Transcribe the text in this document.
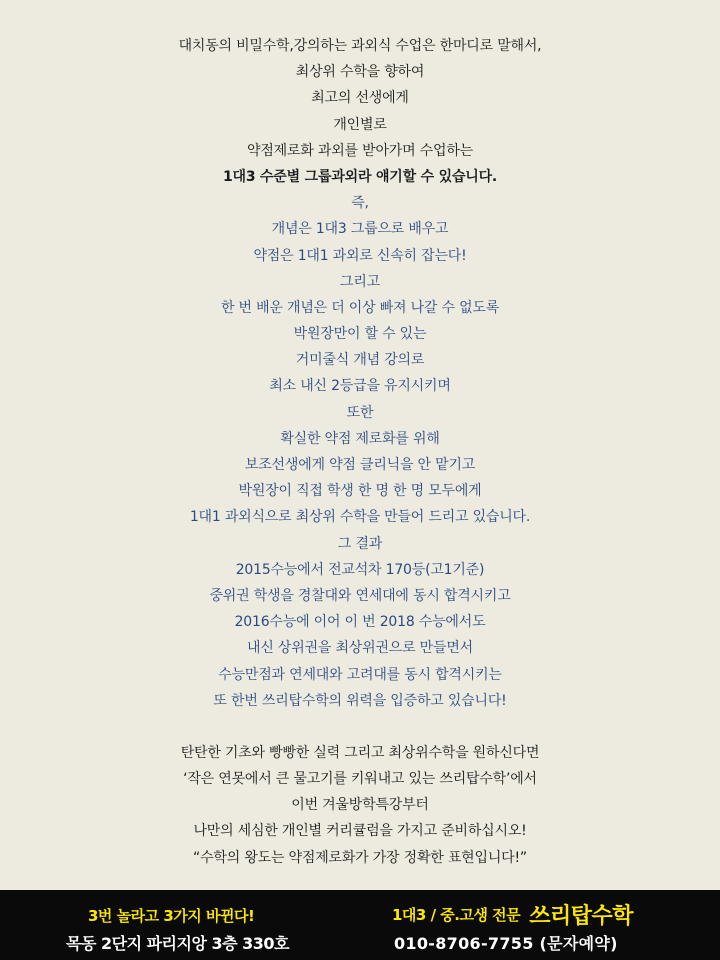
대치동의 비밀수학,강의하는 과외식 수업은 한마디로 말해서,
최상위 수학을 향하여
최고의 선생에게
개인별로
약점제로화 과외를 받아가며 수업하는
1대3 수준별 그룹과외라 얘기할 수 있습니다.
즉,
개념은 1대3 그룹으로 배우고
약점은 1대1 과외로 신속히 잡는다!
그리고
한 번 배운 개념은 더 이상 빠져 나갈 수 없도록
박원장만이 할 수 있는
거미줄식 개념 강의로
최소 내신 2등급을 유지시키며
또한
확실한 약점 제로화를 위해
보조선생에게 약점 클리닉을 안 맡기고
박원장이 직접 학생 한 명 한 명 모두에게
1대1 과외식으로 최상위 수학을 만들어 드리고 있습니다.
그 결과
2015수능에서 전교석차 170등(고1기준)
중위권 학생을 경찰대와 연세대에 동시 합격시키고
2016수능에 이어 이 번 2018 수능에서도
내신 상위권을 최상위권으로 만들면서
수능만점과 연세대와 고려대를 동시 합격시키는
또 한번 쓰리탑수학의 위력을 입증하고 있습니다!
탄탄한 기초와 빵빵한 실력 그리고 최상위수학을 원하신다면
‘작은 연못에서 큰 물고기를 키워내고 있는 쓰리탑수학’에서
이번 겨울방학특강부터
나만의 세심한 개인별 커리큘럼을 가지고 준비하십시오!
“수학의 왕도는 약점제로화가 가장 정확한 표현입니다!”
3번 놀라고 3가지 바뀐다!
목동 2단지 파리지앙 3층 330호
1대3 / 중.고생 전문 쓰리탑수학
010-8706-7755 (문자예약)
